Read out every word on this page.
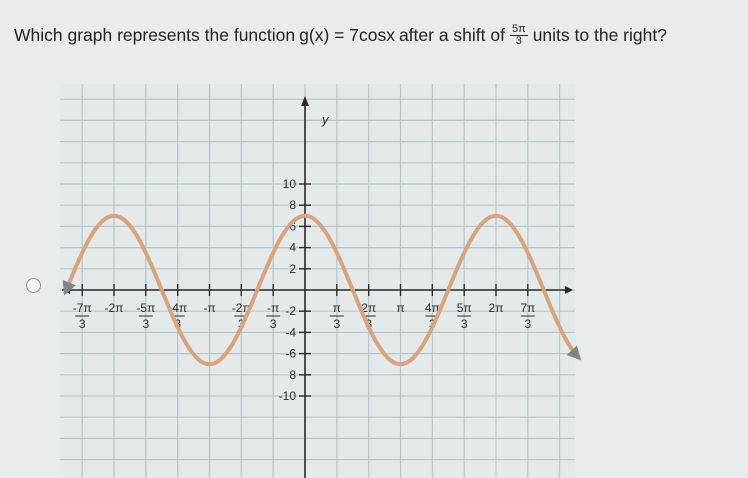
Which graph represents the function g(x) = 7cosx after a shift of $\frac{5\pi}{3}$ units to the right?
y
-7π
3
-2π -5π
3
-4π
3
-π -2π
3
-π
3
π
3
2π
3
π 4π
3
5π
3
2π 7π
3
10
8
6
4
2
-2
-4
-6
8
-10
